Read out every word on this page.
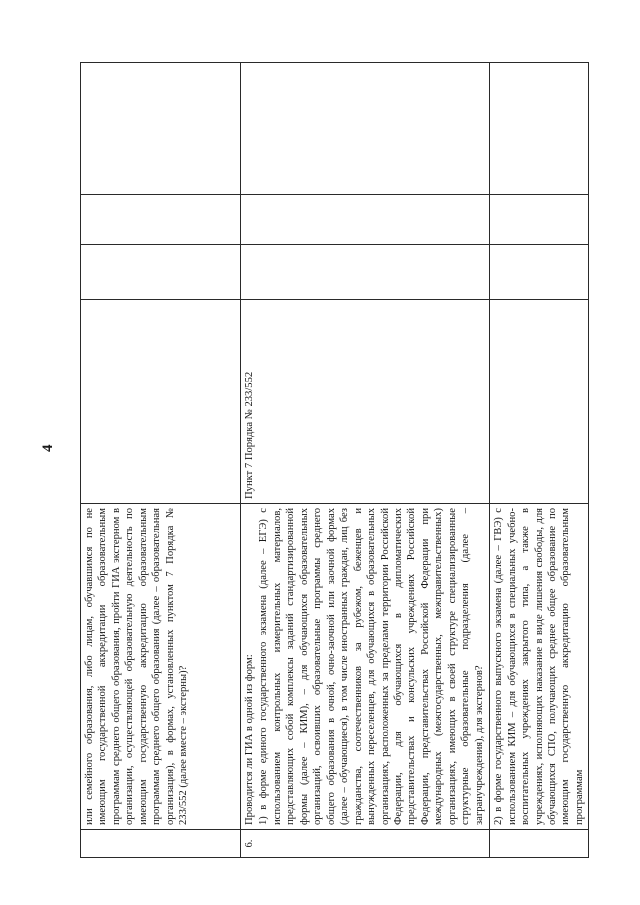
4
	или семейного образования, либо лицам, обучавшимся по не имеющим государственной аккредитации образовательным программам среднего общего образования, пройти ГИА экстерном в организации, осуществляющей образовательную деятельность по имеющим государственную аккредитацию образовательным программам среднего общего образования (далее – образовательная организация), в формах, установленных пунктом 7 Порядка № 233/552 (далее вместе – экстерны)?				
6.	Проводится ли ГИА в одной из форм: 1) в форме единого государственного экзамена (далее – ЕГЭ) с использованием контрольных измерительных материалов, представляющих собой комплексы заданий стандартизированной формы (далее – КИМ), – для обучающихся образовательных организаций, освоивших образовательные программы среднего общего образования в очной, очно-заочной или заочной формах (далее – обучающиеся), в том числе иностранных граждан, лиц без гражданства, соотечественников за рубежом, беженцев и вынужденных переселенцев, для обучающихся в образовательных организациях, расположенных за пределами территории Российской Федерации, для обучающихся в дипломатических представительствах и консульских учреждениях Российской Федерации, представительствах Российской Федерации при международных (межгосударственных, межправительственных) организациях, имеющих в своей структуре специализированные структурные образовательные подразделения (далее – загранучреждения), для экстернов?	Пункт 7 Порядка № 233/552			
	2) в форме государственного выпускного экзамена (далее – ГВЭ) с использованием КИМ – для обучающихся в специальных учебно-воспитательных учреждениях закрытого типа, а также в учреждениях, исполняющих наказание в виде лишения свободы, для обучающихся СПО, получающих среднее общее образование по имеющим государственную аккредитацию образовательным программам				
